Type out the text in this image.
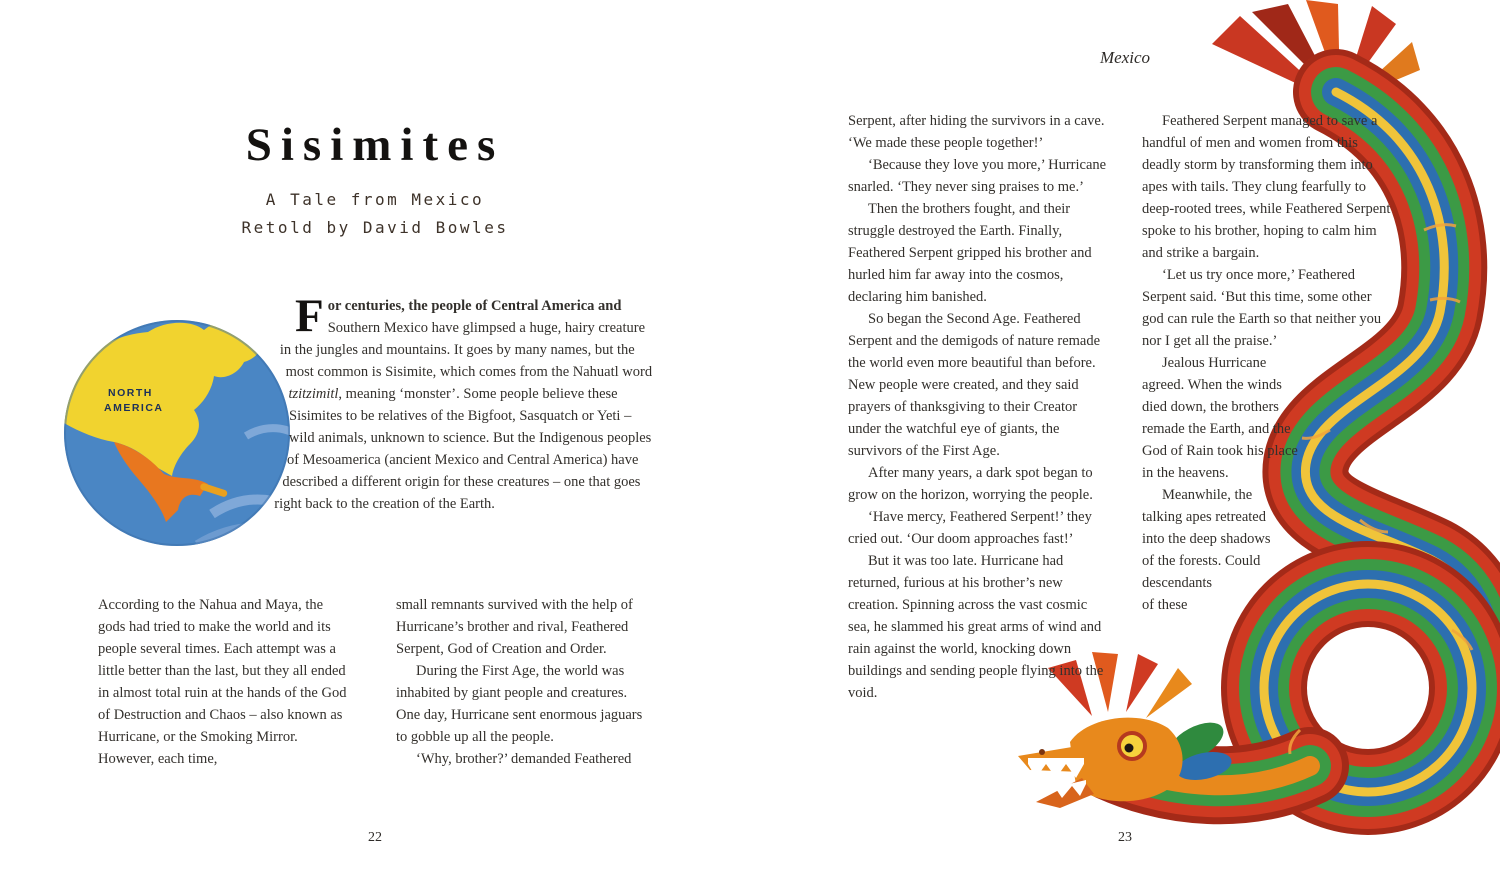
Sisimites
A Tale from Mexico
Retold by David Bowles
NORTH
AMERICA

For centuries, the people of Central America and Southern Mexico have glimpsed a huge, hairy creature in the jungles and mountains. It goes by many names, but the most common is Sisimite, which comes from the Nahuatl word tzitzimitl, meaning ‘monster’. Some people believe these Sisimites to be relatives of the Bigfoot, Sasquatch or Yeti – wild animals, unknown to science. But the Indigenous peoples of Mesoamerica (ancient Mexico and Central America) have described a different origin for these creatures – one that goes right back to the creation of the Earth.

According to the Nahua and Maya, the gods had tried to make the world and its people several times. Each attempt was a little better than the last, but they all ended in almost total ruin at the hands of the God of Destruction and Chaos – also known as Hurricane, or the Smoking Mirror. However, each time,

small remnants survived with the help of Hurricane’s brother and rival, Feathered Serpent, God of Creation and Order.

During the First Age, the world was inhabited by giant people and creatures. One day, Hurricane sent enormous jaguars to gobble up all the people.

‘Why, brother?’ demanded Feathered

22
Mexico

Serpent, after hiding the survivors in a cave. ‘We made these people together!’

‘Because they love you more,’ Hurricane snarled. ‘They never sing praises to me.’

Then the brothers fought, and their struggle destroyed the Earth. Finally, Feathered Serpent gripped his brother and hurled him far away into the cosmos, declaring him banished.

So began the Second Age. Feathered Serpent and the demigods of nature remade the world even more beautiful than before. New people were created, and they said prayers of thanksgiving to their Creator under the watchful eye of giants, the survivors of the First Age.

After many years, a dark spot began to grow on the horizon, worrying the people.

‘Have mercy, Feathered Serpent!’ they cried out. ‘Our doom approaches fast!’

But it was too late. Hurricane had returned, furious at his brother’s new creation. Spinning across the vast cosmic sea, he slammed his great arms of wind and rain against the world, knocking down buildings and sending people flying into the void.

Feathered Serpent managed to save a handful of men and women from this deadly storm by transforming them into apes with tails. They clung fearfully to deep-rooted trees, while Feathered Serpent spoke to his brother, hoping to calm him and strike a bargain.

‘Let us try once more,’ Feathered Serpent said. ‘But this time, some other god can rule the Earth so that neither you nor I get all the praise.’

Jealous Hurricane agreed. When the winds died down, the brothers remade the Earth, and the God of Rain took his place in the heavens.

Meanwhile, the talking apes retreated into the deep shadows of the forests. Could descendants of these

23
